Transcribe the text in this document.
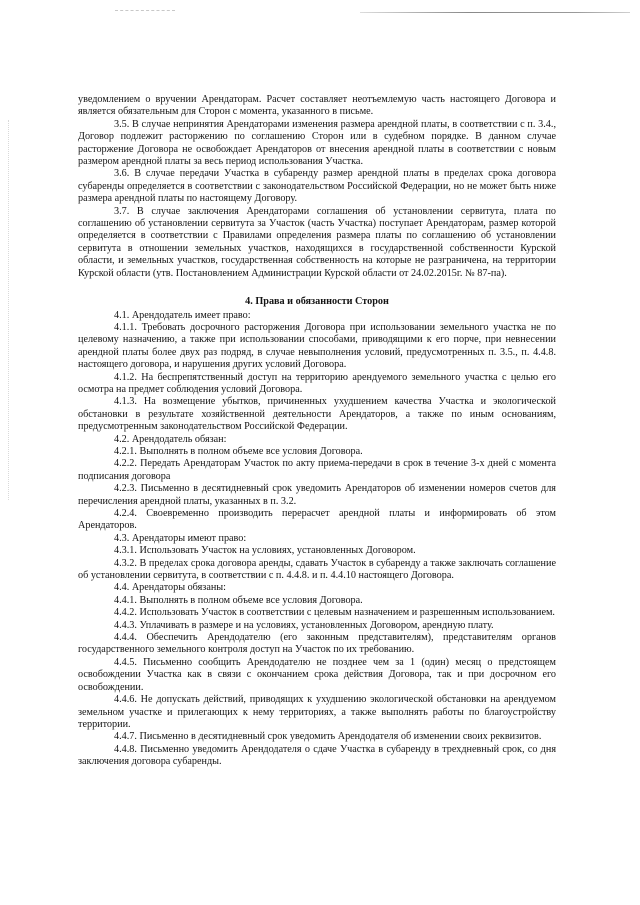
уведомлением о вручении Арендаторам. Расчет составляет неотъемлемую часть настоящего Договора и является обязательным для Сторон с момента, указанного в письме.

3.5. В случае непринятия Арендаторами изменения размера арендной платы, в соответствии с п. 3.4., Договор подлежит расторжению по соглашению Сторон или в судебном порядке. В данном случае расторжение Договора не освобождает Арендаторов от внесения арендной платы в соответствии с новым размером арендной платы за весь период использования Участка.

3.6. В случае передачи Участка в субаренду размер арендной платы в пределах срока договора субаренды определяется в соответствии с законодательством Российской Федерации, но не может быть ниже размера арендной платы по настоящему Договору.

3.7. В случае заключения Арендаторами соглашения об установлении сервитута, плата по соглашению об установлении сервитута за Участок (часть Участка) поступает Арендаторам, размер которой определяется в соответствии с Правилами определения размера платы по соглашению об установлении сервитута в отношении земельных участков, находящихся в государственной собственности Курской области, и земельных участков, государственная собственность на которые не разграничена, на территории Курской области (утв. Постановлением Администрации Курской области от 24.02.2015г. № 87-па).

4. Права и обязанности Сторон

4.1. Арендодатель имеет право:

4.1.1. Требовать досрочного расторжения Договора при использовании земельного участка не по целевому назначению, а также при использовании способами, приводящими к его порче, при невнесении арендной платы более двух раз подряд, в случае невыполнения условий, предусмотренных п. 3.5., п. 4.4.8. настоящего договора, и нарушения других условий Договора.

4.1.2. На беспрепятственный доступ на территорию арендуемого земельного участка с целью его осмотра на предмет соблюдения условий Договора.

4.1.3. На возмещение убытков, причиненных ухудшением качества Участка и экологической обстановки в результате хозяйственной деятельности Арендаторов, а также по иным основаниям, предусмотренным законодательством Российской Федерации.

4.2. Арендодатель обязан:

4.2.1. Выполнять в полном объеме все условия Договора.

4.2.2. Передать Арендаторам Участок по акту приема-передачи в срок в течение 3-х дней с момента подписания договора

4.2.3. Письменно в десятидневный срок уведомить Арендаторов об изменении номеров счетов для перечисления арендной платы, указанных в п. 3.2.

4.2.4. Своевременно производить перерасчет арендной платы и информировать об этом Арендаторов.

4.3. Арендаторы имеют право:

4.3.1. Использовать Участок на условиях, установленных Договором.

4.3.2. В пределах срока договора аренды, сдавать Участок в субаренду а также заключать соглашение об установлении сервитута, в соответствии с п. 4.4.8. и п. 4.4.10 настоящего Договора.

4.4. Арендаторы обязаны:

4.4.1. Выполнять в полном объеме все условия Договора.

4.4.2. Использовать Участок в соответствии с целевым назначением и разрешенным использованием.

4.4.3. Уплачивать в размере и на условиях, установленных Договором, арендную плату.

4.4.4. Обеспечить Арендодателю (его законным представителям), представителям органов государственного земельного контроля доступ на Участок по их требованию.

4.4.5. Письменно сообщить Арендодателю не позднее чем за 1 (один) месяц о предстоящем освобождении Участка как в связи с окончанием срока действия Договора, так и при досрочном его освобождении.

4.4.6. Не допускать действий, приводящих к ухудшению экологической обстановки на арендуемом земельном участке и прилегающих к нему территориях, а также выполнять работы по благоустройству территории.

4.4.7. Письменно в десятидневный срок уведомить Арендодателя об изменении своих реквизитов.

4.4.8. Письменно уведомить Арендодателя о сдаче Участка в субаренду в трехдневный срок, со дня заключения договора субаренды.
